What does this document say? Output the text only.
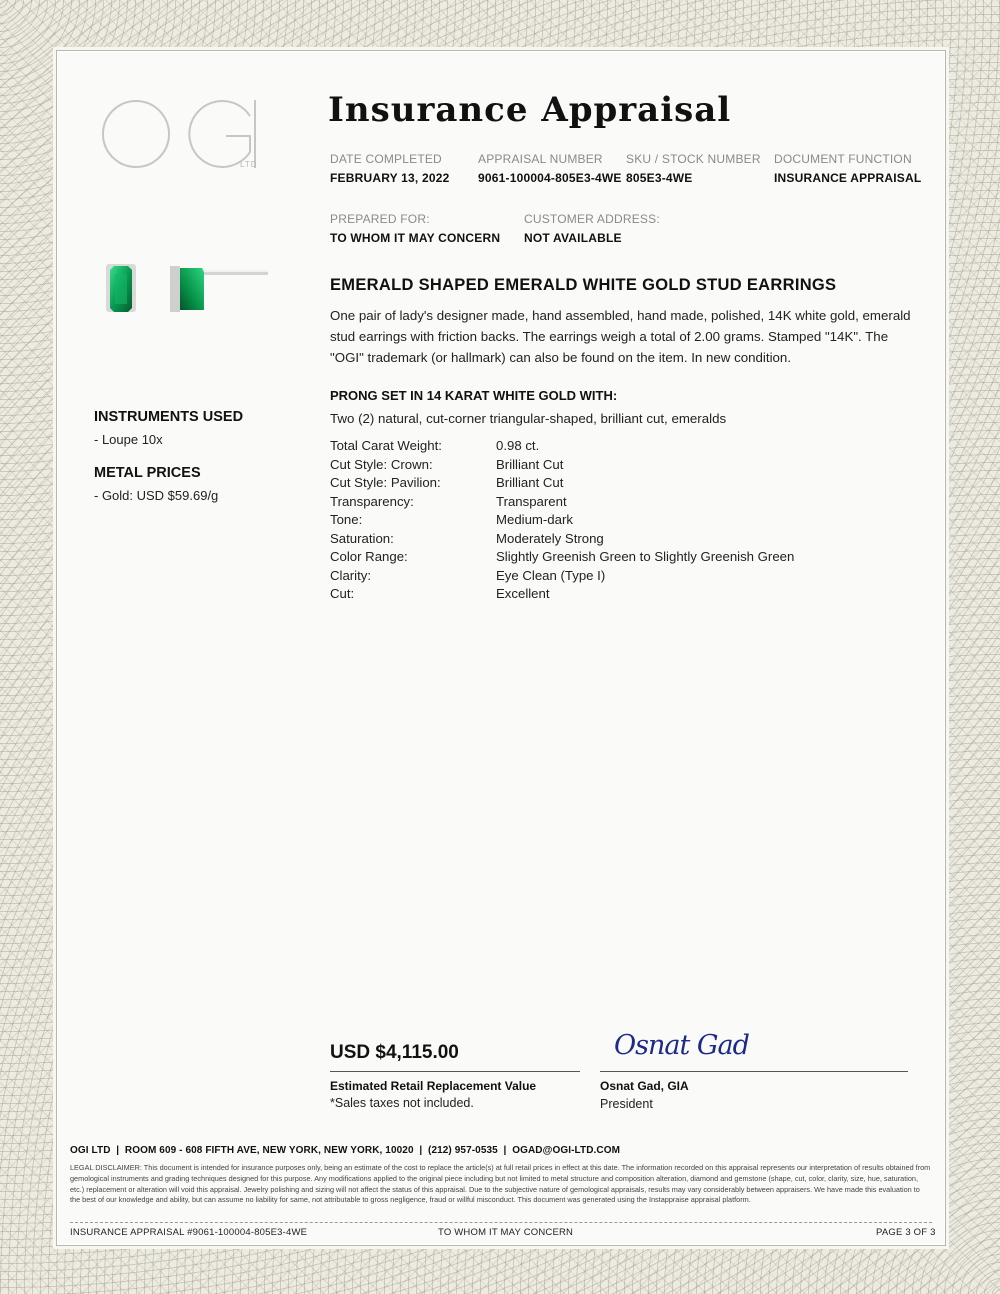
LTD
Insurance Appraisal
DATE COMPLETED
FEBRUARY 13, 2022
APPRAISAL NUMBER
9061-100004-805E3-4WE
SKU / STOCK NUMBER
805E3-4WE
DOCUMENT FUNCTION
INSURANCE APPRAISAL
PREPARED FOR:
TO WHOM IT MAY CONCERN
CUSTOMER ADDRESS:
NOT AVAILABLE
EMERALD SHAPED EMERALD WHITE GOLD STUD EARRINGS
One pair of lady's designer made, hand assembled, hand made, polished, 14K white gold, emerald stud earrings with friction backs. The earrings weigh a total of 2.00 grams. Stamped "14K". The "OGI" trademark (or hallmark) can also be found on the item. In new condition.
PRONG SET IN 14 KARAT WHITE GOLD WITH:
Two (2) natural, cut-corner triangular-shaped, brilliant cut, emeralds
Total Carat Weight:	0.98 ct.
Cut Style: Crown:	Brilliant Cut
Cut Style: Pavilion:	Brilliant Cut
Transparency:	Transparent
Tone:	Medium-dark
Saturation:	Moderately Strong
Color Range:	Slightly Greenish Green to Slightly Greenish Green
Clarity:	Eye Clean (Type I)
Cut:	Excellent
INSTRUMENTS USED
- Loupe 10x
METAL PRICES
- Gold: USD $59.69/g
USD $4,115.00
Estimated Retail Replacement Value
*Sales taxes not included.
Osnat Gad
Osnat Gad, GIA
President
OGI LTD  |  ROOM 609 - 608 FIFTH AVE, NEW YORK, NEW YORK, 10020  |  (212) 957-0535  |  OGAD@OGI-LTD.COM
LEGAL DISCLAIMER: This document is intended for insurance purposes only, being an estimate of the cost to replace the article(s) at full retail prices in effect at this date. The information recorded on this appraisal represents our interpretation of results obtained from gemological instruments and grading techniques designed for this purpose. Any modifications applied to the original piece including but not limited to metal structure and composition alteration, diamond and gemstone (shape, cut, color, clarity, size, hue, saturation, etc.) replacement or alteration will void this appraisal. Jewelry polishing and sizing will not affect the status of this appraisal. Due to the subjective nature of gemological appraisals, results may vary considerably between appraisers. We have made this evaluation to the best of our knowledge and ability, but can assume no liability for same, not attributable to gross negligence, fraud or willful misconduct. This document was generated using the Instappraise appraisal platform.
INSURANCE APPRAISAL #9061-100004-805E3-4WE	TO WHOM IT MAY CONCERN	PAGE 3 OF 3
